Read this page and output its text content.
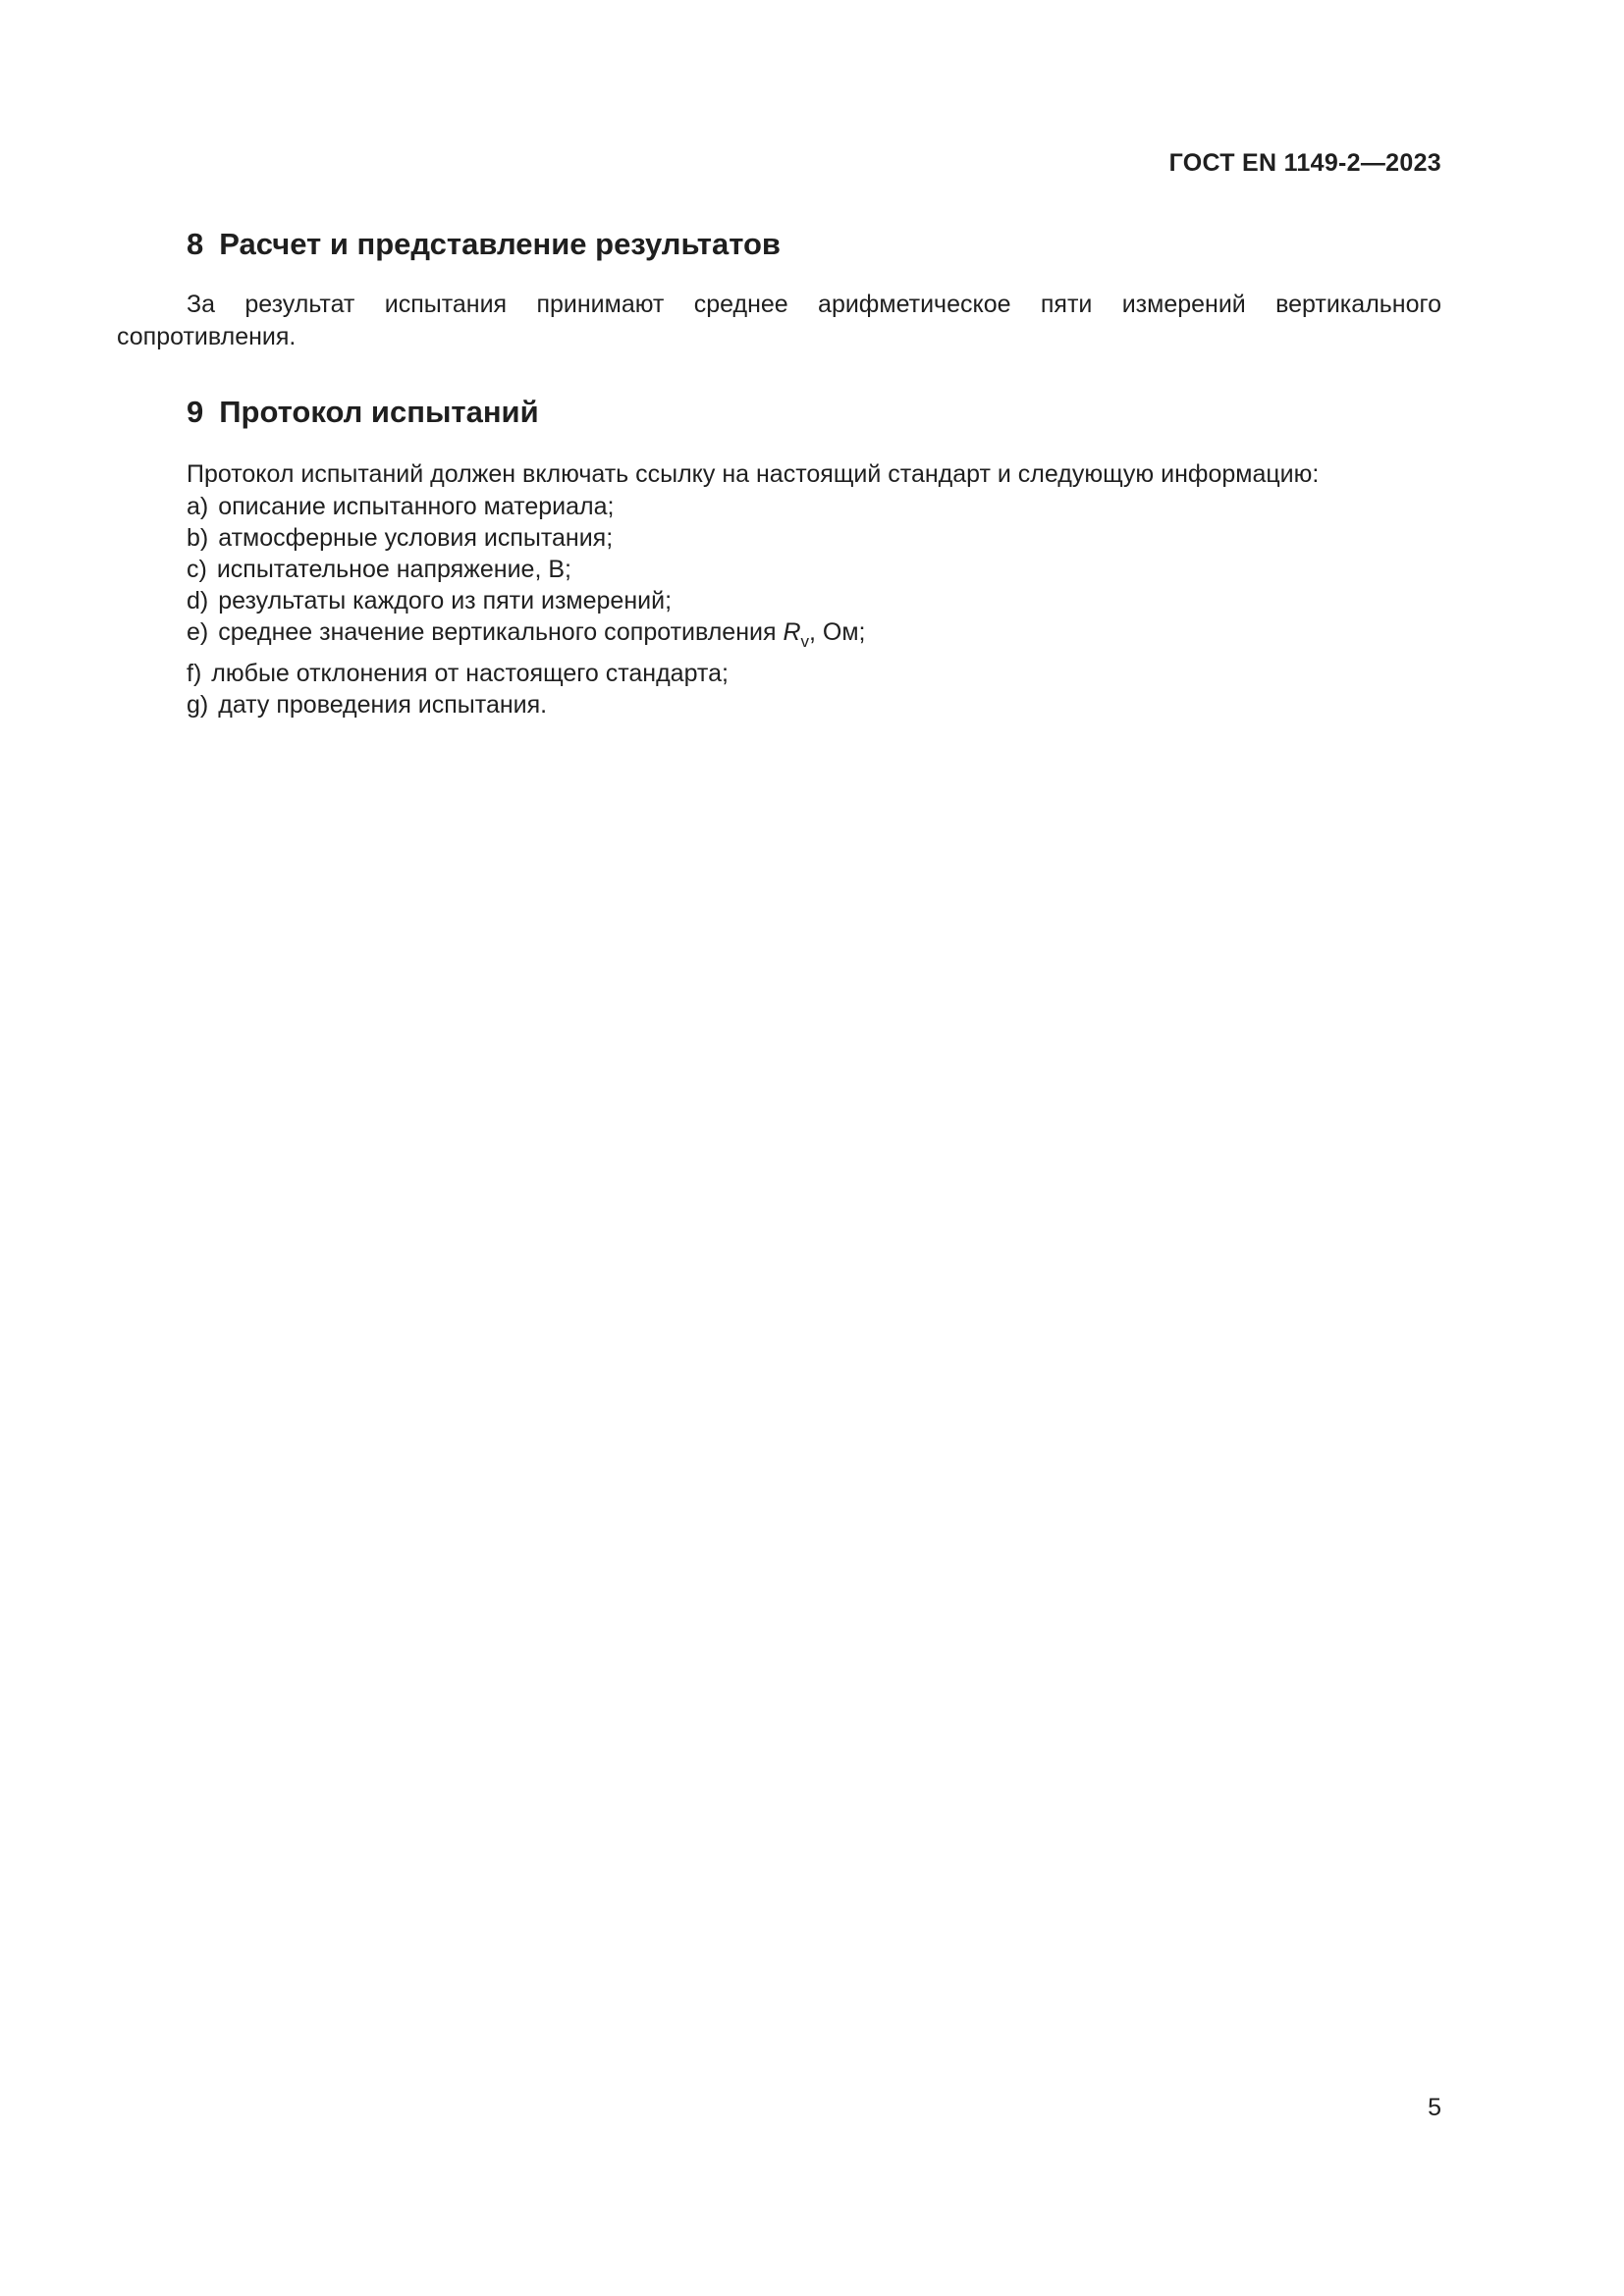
ГОСТ EN 1149-2—2023
8 Расчет и представление результатов

За результат испытания принимают среднее арифметическое пяти измерений вертикального сопротивления.

9 Протокол испытаний

Протокол испытаний должен включать ссылку на настоящий стандарт и следующую информацию:

a) описание испытанного материала;
b) атмосферные условия испытания;
c) испытательное напряжение, В;
d) результаты каждого из пяти измерений;
e) среднее значение вертикального сопротивления $R_v$, Ом;
f) любые отклонения от настоящего стандарта;
g) дату проведения испытания.
5
